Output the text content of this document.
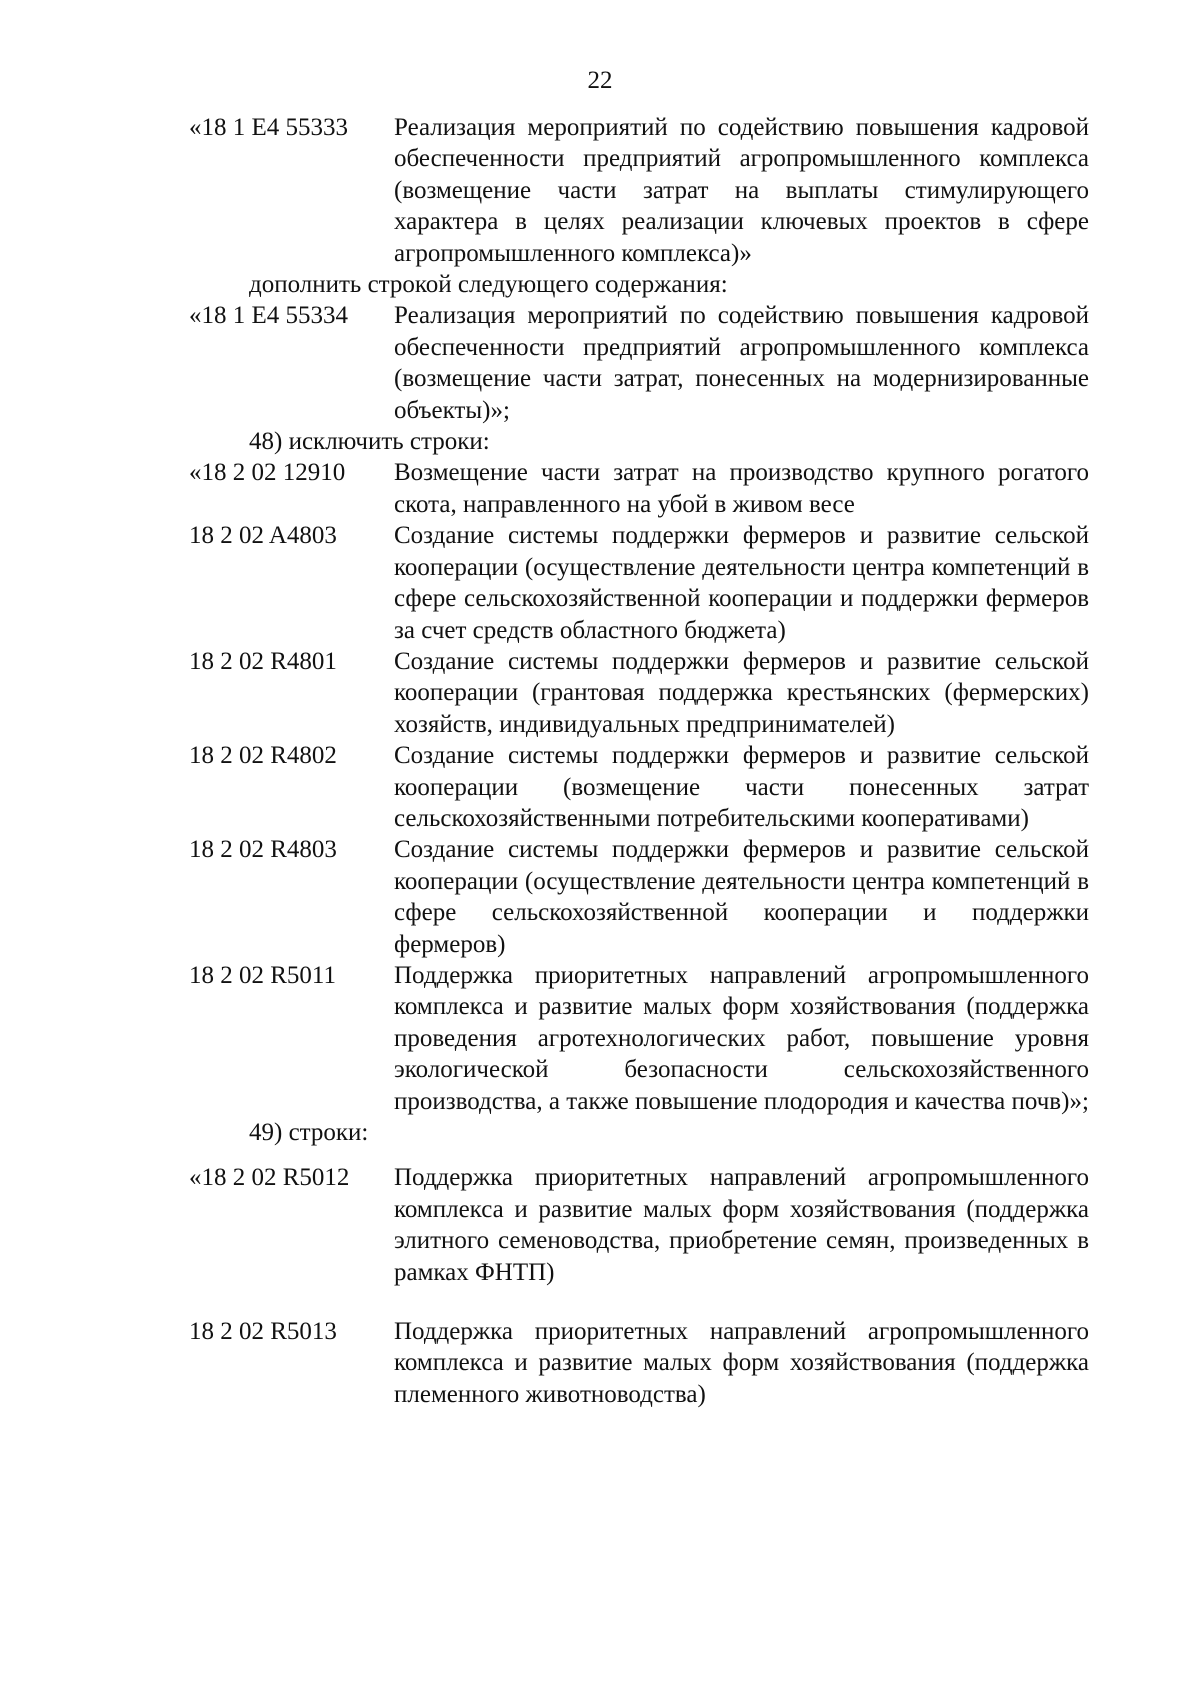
22
«18 1 E4 55333	Реализация мероприятий по содействию повышения кадровой обеспеченности предприятий агропромышленного комплекса (возмещение части затрат на выплаты стимулирующего характера в целях реализации ключевых проектов в сфере агропромышленного комплекса)»
дополнить строкой следующего содержания:
«18 1 E4 55334	Реализация мероприятий по содействию повышения кадровой обеспеченности предприятий агропромышленного комплекса (возмещение части затрат, понесенных на модернизированные объекты)»;
48) исключить строки:
«18 2 02 12910	Возмещение части затрат на производство крупного рогатого скота, направленного на убой в живом весе
18 2 02 A4803	Создание системы поддержки фермеров и развитие сельской кооперации (осуществление деятельности центра компетенций в сфере сельскохозяйственной кооперации и поддержки фермеров за счет средств областного бюджета)
18 2 02 R4801	Создание системы поддержки фермеров и развитие сельской кооперации (грантовая поддержка крестьянских (фермерских) хозяйств, индивидуальных предпринимателей)
18 2 02 R4802	Создание системы поддержки фермеров и развитие сельской кооперации (возмещение части понесенных затрат сельскохозяйственными потребительскими кооперативами)
18 2 02 R4803	Создание системы поддержки фермеров и развитие сельской кооперации (осуществление деятельности центра компетенций в сфере сельскохозяйственной кооперации и поддержки фермеров)
18 2 02 R5011	Поддержка приоритетных направлений агропромышленного комплекса и развитие малых форм хозяйствования (поддержка проведения агротехнологических работ, повышение уровня экологической безопасности сельскохозяйственного производства, а также повышение плодородия и качества почв)»;
49) строки:
«18 2 02 R5012	Поддержка приоритетных направлений агропромышленного комплекса и развитие малых форм хозяйствования (поддержка элитного семеноводства, приобретение семян, произведенных в рамках ФНТП)
18 2 02 R5013	Поддержка приоритетных направлений агропромышленного комплекса и развитие малых форм хозяйствования (поддержка племенного животноводства)
